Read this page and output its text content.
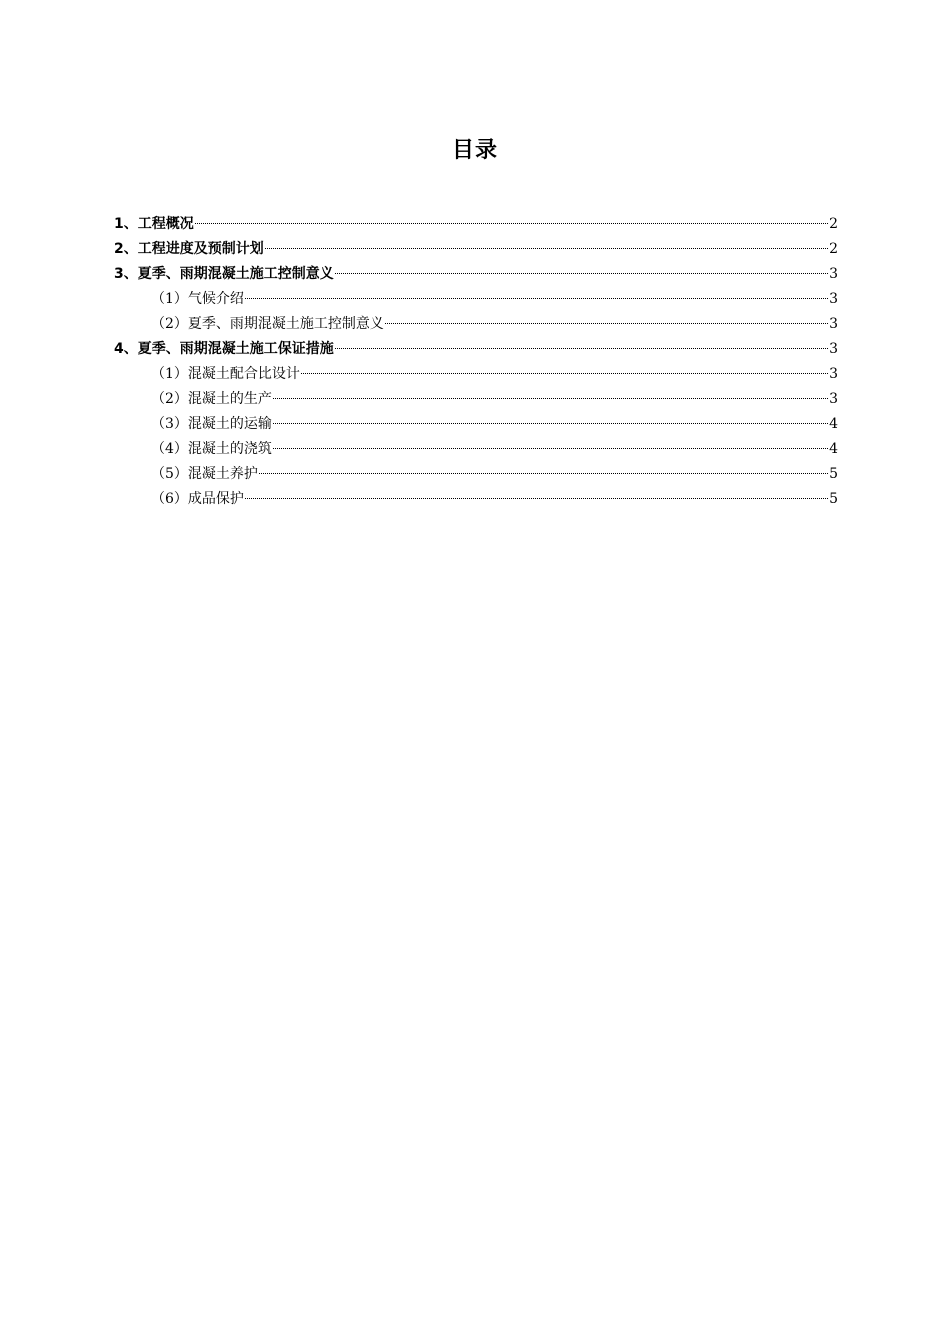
目录
1、工程概况	2
2、工程进度及预制计划	2
3、夏季、雨期混凝土施工控制意义	3
（1）气候介绍	3
（2）夏季、雨期混凝土施工控制意义	3
4、夏季、雨期混凝土施工保证措施	3
（1）混凝土配合比设计	3
（2）混凝土的生产	3
（3）混凝土的运输	4
（4）混凝土的浇筑	4
（5）混凝土养护	5
（6）成品保护	5
